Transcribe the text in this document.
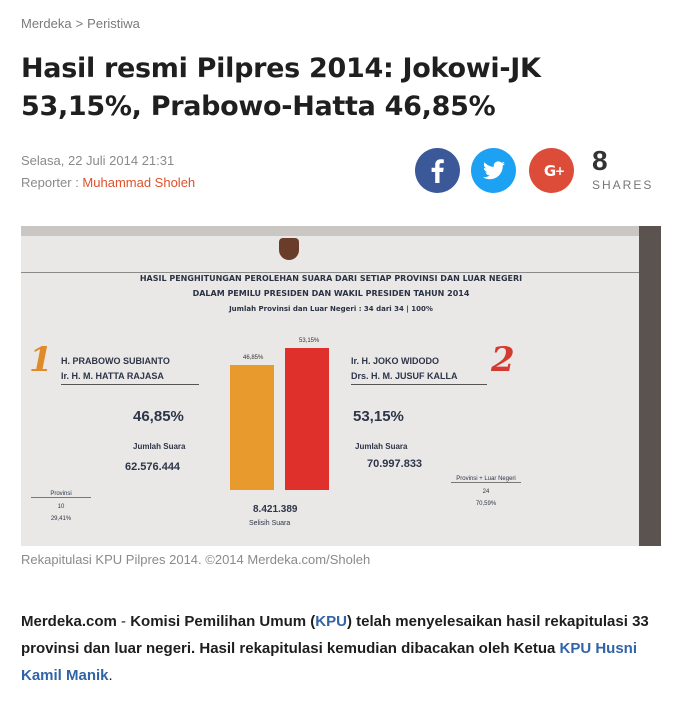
Merdeka > Peristiwa
Hasil resmi Pilpres 2014: Jokowi-JK 53,15%, Prabowo-Hatta 46,85%
Selasa, 22 Juli 2014 21:31
Reporter : Muhammad Sholeh
G
+ 8
SHARES
HASIL PENGHITUNGAN PEROLEHAN SUARA DARI SETIAP PROVINSI DAN LUAR NEGERI
DALAM PEMILU PRESIDEN DAN WAKIL PRESIDEN TAHUN 2014
Jumlah Provinsi dan Luar Negeri : 34 dari 34 | 100%
1 H. PRABOWO SUBIANTO
Ir. H. M. HATTA RAJASA
46,85%
Jumlah Suara
62.576.444
2
Ir. H. JOKO WIDODO
Drs. H. M. JUSUF KALLA
53,15%
Jumlah Suara
70.997.833
46,85%
53,15%
8.421.389
Selisih Suara
Provinsi
10
29,41%
Provinsi + Luar Negeri
24
70,59%
Rekapitulasi KPU Pilpres 2014. ©2014 Merdeka.com/Sholeh

Merdeka.com - Komisi Pemilihan Umum (KPU) telah menyelesaikan hasil rekapitulasi 33 provinsi dan luar negeri. Hasil rekapitulasi kemudian dibacakan oleh Ketua KPU Husni Kamil Manik.
